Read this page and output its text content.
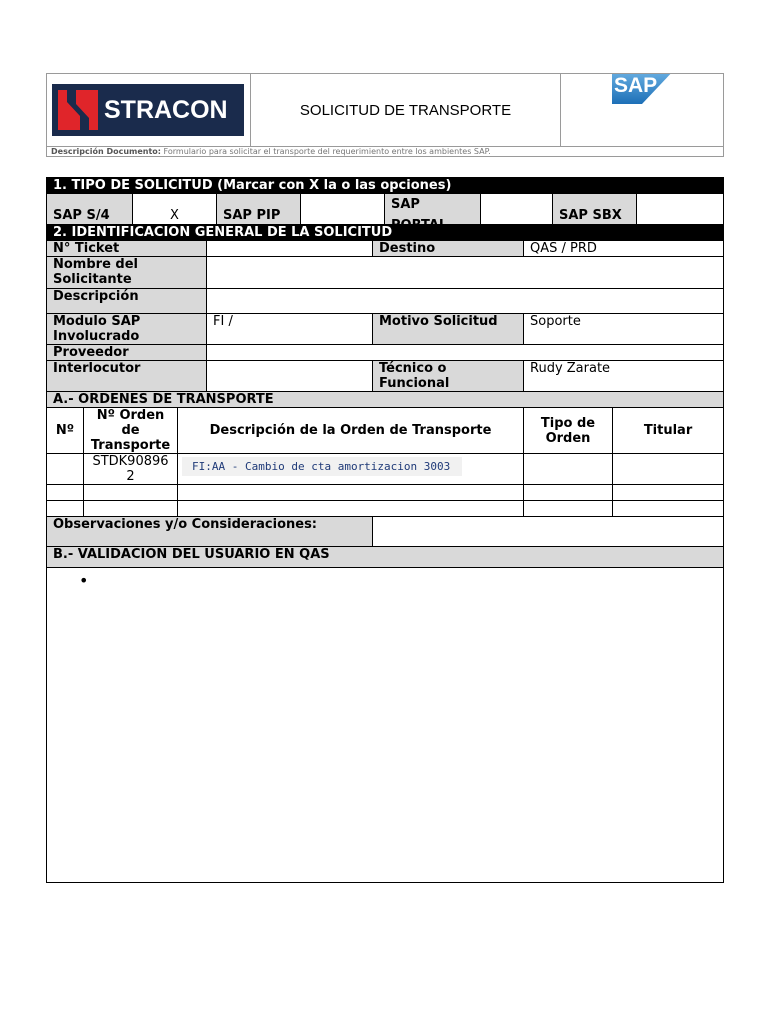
STRACON	SOLICITUD DE TRANSPORTE	
SAP

Descripción Documento: Formulario para solicitar el transporte del requerimiento entre los ambientes SAP.
1. TIPO DE SOLICITUD (Marcar con X la o las opciones)
SAP S/4	X	SAP PIP		SAP		SAP SBX	
2. IDENTIFICACION GENERAL DE LA SOLICITUD						
N° Ticket				Destino	QAS / PRD	
Nombre del Solicitante						
Descripción						
Modulo SAP Involucrado			FI /	Motivo Solicitud	Soporte	
Proveedor						
Interlocutor				Técnico o Funcional	Rudy Zarate	
A.- ORDENES DE TRANSPORTE						
Nº	Nº Orden de Transporte	Descripción de la Orden de Transporte			Tipo de Orden	Titular
	STDK908962	FI:AA - Cambio de cta amortizacion 3003				

Observaciones y/o Consideraciones:						
B.- VALIDACION DEL USUARIO EN QAS						
•						
